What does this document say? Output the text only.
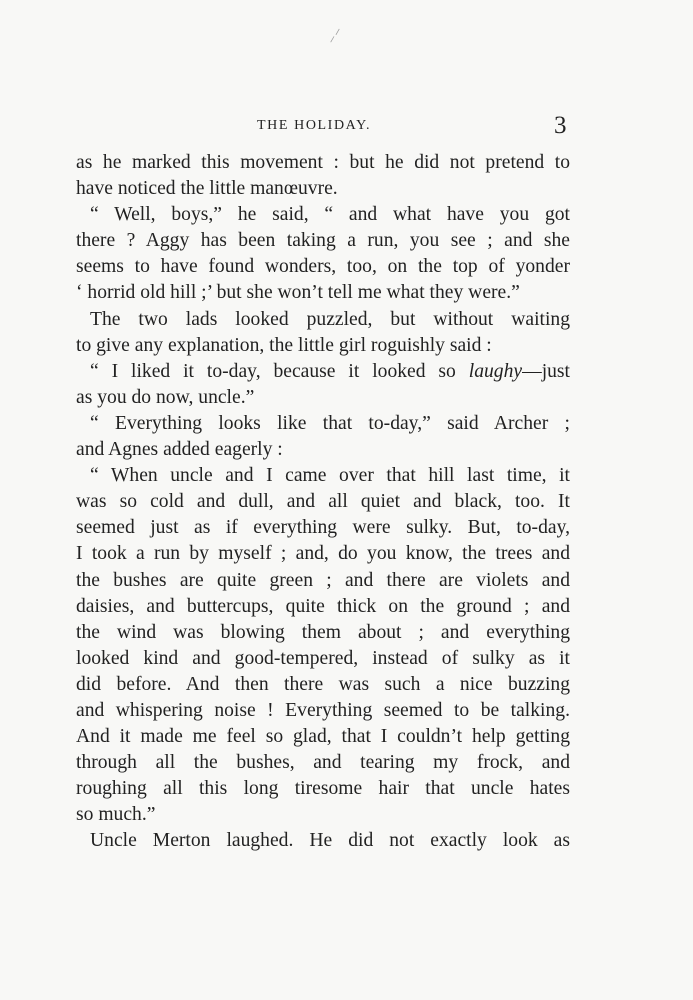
⸝⸍
THE HOLIDAY.	3
as he marked this movement : but he did not pretend to
have noticed the little manœuvre.
“ Well, boys,” he said, “ and what have you got
there ? Aggy has been taking a run, you see ; and she
seems to have found wonders, too, on the top of yonder
‘ horrid old hill ;’ but she won’t tell me what they were.”
The two lads looked puzzled, but without waiting
to give any explanation, the little girl roguishly said :
“ I liked it to-day, because it looked so laughy—just
as you do now, uncle.”
“ Everything looks like that to-day,” said Archer ;
and Agnes added eagerly :
“ When uncle and I came over that hill last time, it
was so cold and dull, and all quiet and black, too. It
seemed just as if everything were sulky. But, to-day,
I took a run by myself ; and, do you know, the trees and
the bushes are quite green ; and there are violets and
daisies, and buttercups, quite thick on the ground ; and
the wind was blowing them about ; and everything
looked kind and good-tempered, instead of sulky as it
did before. And then there was such a nice buzzing
and whispering noise ! Everything seemed to be talking.
And it made me feel so glad, that I couldn’t help getting
through all the bushes, and tearing my frock, and
roughing all this long tiresome hair that uncle hates
so much.”
Uncle Merton laughed. He did not exactly look as
